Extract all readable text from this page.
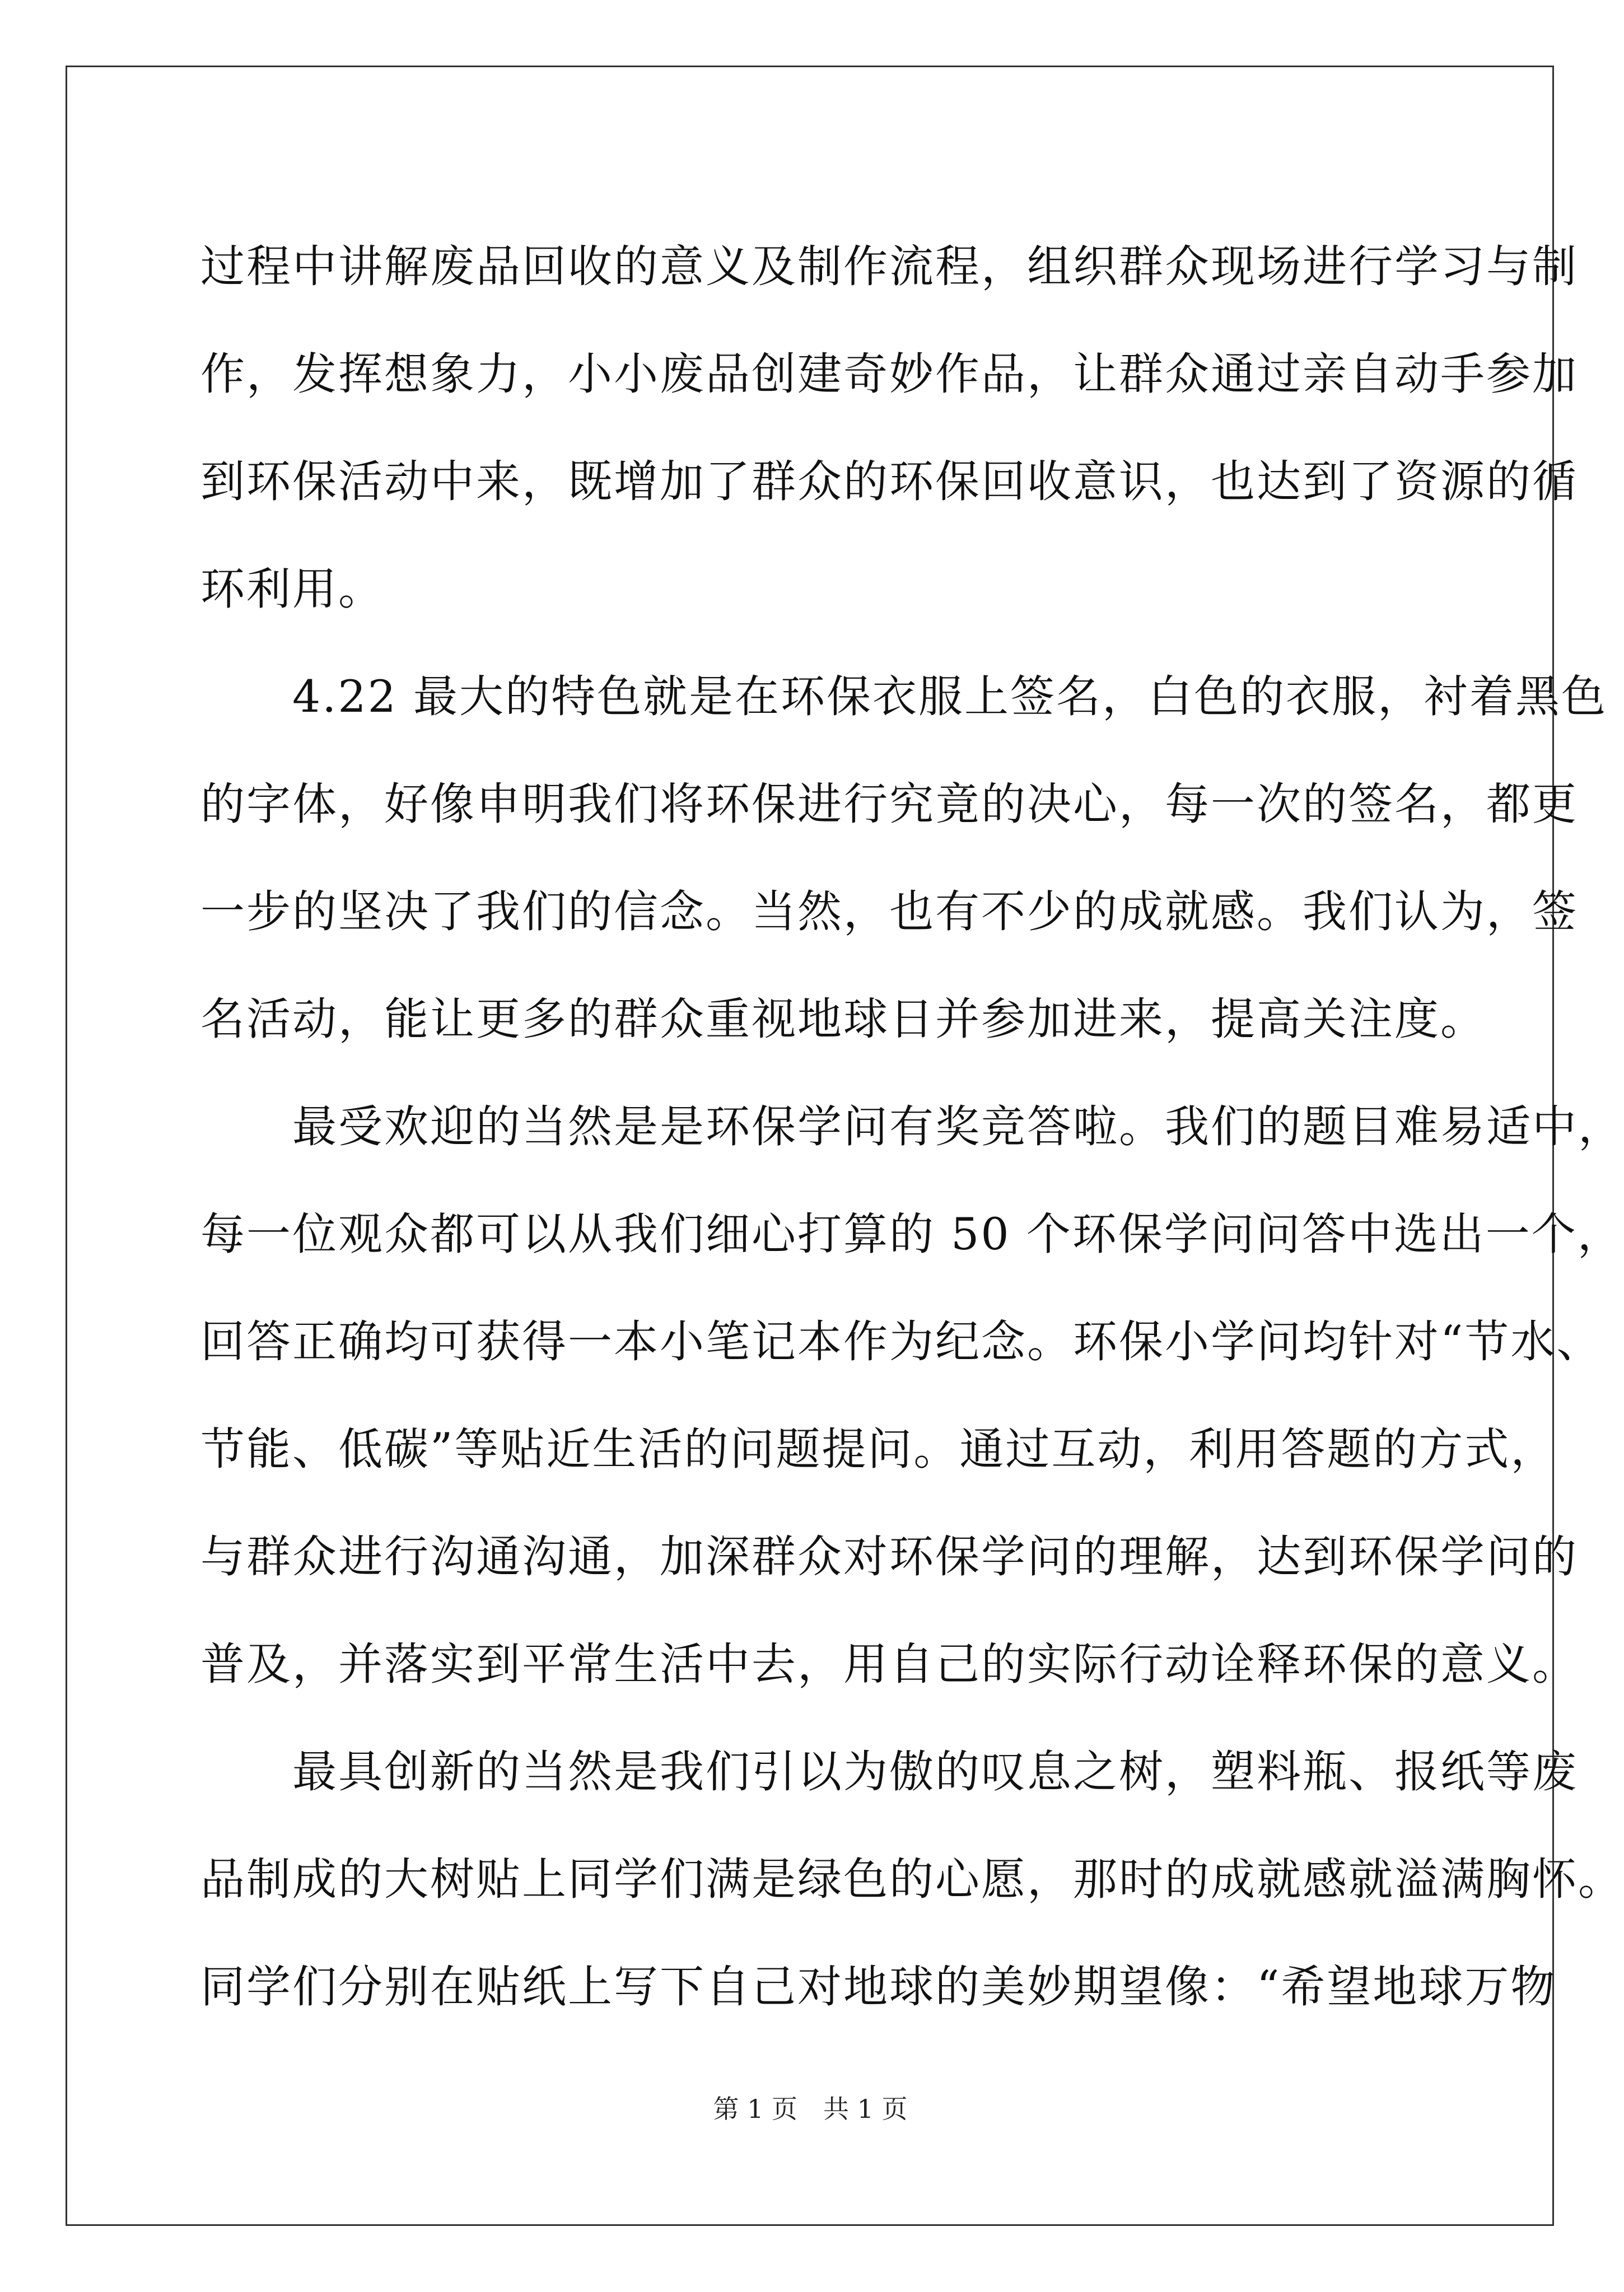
过程中讲解废品回收的意义及制作流程，组织群众现场进行学习与制
作，发挥想象力，小小废品创建奇妙作品，让群众通过亲自动手参加
到环保活动中来，既增加了群众的环保回收意识，也达到了资源的循
环利用。
　　4.22 最大的特色就是在环保衣服上签名，白色的衣服，衬着黑色
的字体，好像申明我们将环保进行究竟的决心，每一次的签名，都更
一步的坚决了我们的信念。当然，也有不少的成就感。我们认为，签
名活动，能让更多的群众重视地球日并参加进来，提高关注度。
　　最受欢迎的当然是是环保学问有奖竞答啦。我们的题目难易适中，
每一位观众都可以从我们细心打算的 50 个环保学问问答中选出一个，
回答正确均可获得一本小笔记本作为纪念。环保小学问均针对“节水、
节能、低碳”等贴近生活的问题提问。通过互动，利用答题的方式，
与群众进行沟通沟通，加深群众对环保学问的理解，达到环保学问的
普及，并落实到平常生活中去，用自己的实际行动诠释环保的意义。
　　最具创新的当然是我们引以为傲的叹息之树，塑料瓶、报纸等废
品制成的大树贴上同学们满是绿色的心愿，那时的成就感就溢满胸怀。
同学们分别在贴纸上写下自己对地球的美妙期望像：“希望地球万物
第 1 页　共 1 页
